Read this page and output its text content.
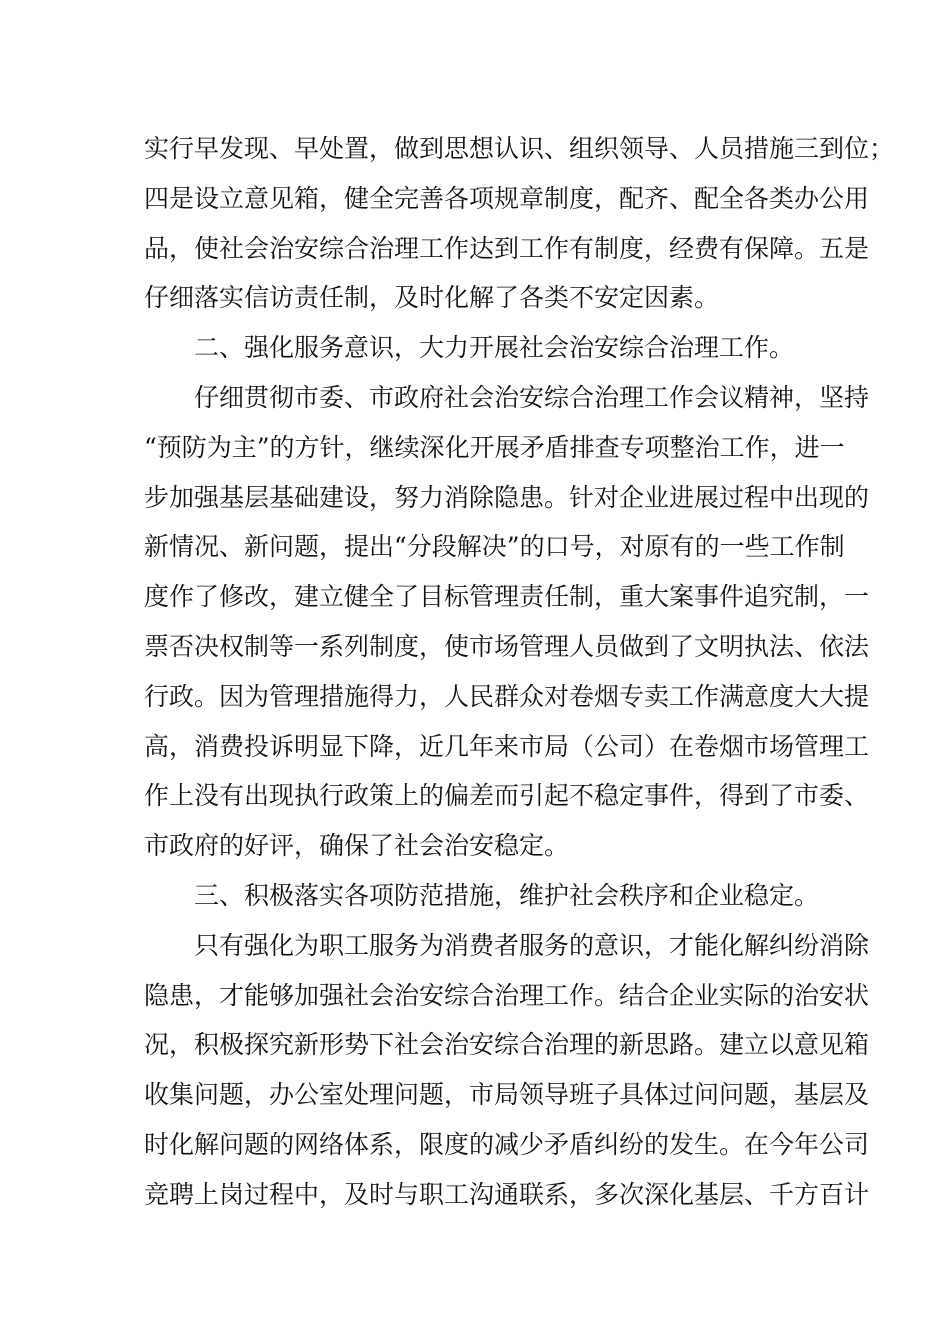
实行早发现、早处置，做到思想认识、组织领导、人员措施三到位；
四是设立意见箱，健全完善各项规章制度，配齐、配全各类办公用
品，使社会治安综合治理工作达到工作有制度，经费有保障。五是
仔细落实信访责任制，及时化解了各类不安定因素。
二、强化服务意识，大力开展社会治安综合治理工作。
仔细贯彻市委、市政府社会治安综合治理工作会议精神，坚持
“预防为主”的方针，继续深化开展矛盾排查专项整治工作，进一
步加强基层基础建设，努力消除隐患。针对企业进展过程中出现的
新情况、新问题，提出“分段解决”的口号，对原有的一些工作制
度作了修改，建立健全了目标管理责任制，重大案事件追究制，一
票否决权制等一系列制度，使市场管理人员做到了文明执法、依法
行政。因为管理措施得力，人民群众对卷烟专卖工作满意度大大提
高，消费投诉明显下降，近几年来市局（公司）在卷烟市场管理工
作上没有出现执行政策上的偏差而引起不稳定事件，得到了市委、
市政府的好评，确保了社会治安稳定。
三、积极落实各项防范措施，维护社会秩序和企业稳定。
只有强化为职工服务为消费者服务的意识，才能化解纠纷消除
隐患，才能够加强社会治安综合治理工作。结合企业实际的治安状
况，积极探究新形势下社会治安综合治理的新思路。建立以意见箱
收集问题，办公室处理问题，市局领导班子具体过问问题，基层及
时化解问题的网络体系，限度的减少矛盾纠纷的发生。在今年公司
竞聘上岗过程中，及时与职工沟通联系，多次深化基层、千方百计
